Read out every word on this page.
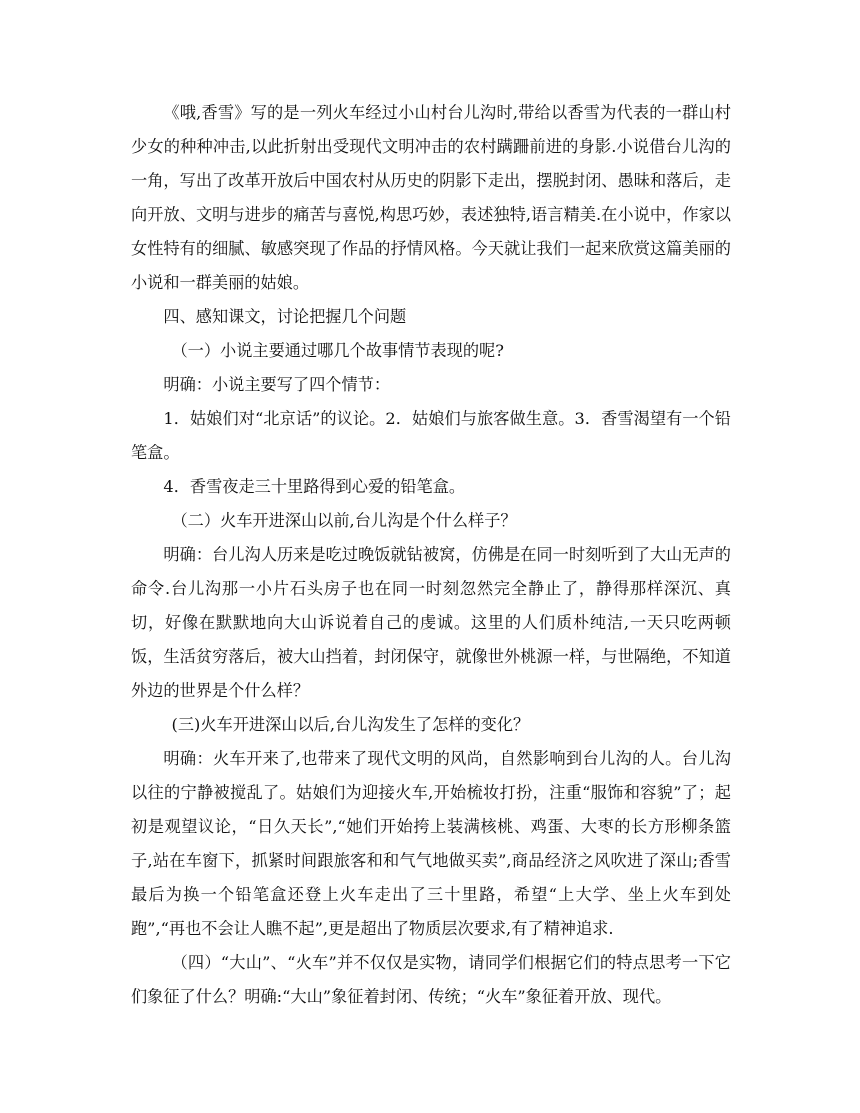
《哦,香雪》写的是一列火车经过小山村台儿沟时,带给以香雪为代表的一群山村少女的种种冲击,以此折射出受现代文明冲击的农村蹒跚前进的身影.小说借台儿沟的一角，写出了改革开放后中国农村从历史的阴影下走出，摆脱封闭、愚昧和落后，走向开放、文明与进步的痛苦与喜悦,构思巧妙，表述独特,语言精美.在小说中，作家以女性特有的细腻、敏感突现了作品的抒情风格。今天就让我们一起来欣赏这篇美丽的小说和一群美丽的姑娘。

四、感知课文，讨论把握几个问题

（一）小说主要通过哪几个故事情节表现的呢?

明确：小说主要写了四个情节：

1．姑娘们对“北京话”的议论。2．姑娘们与旅客做生意。3．香雪渴望有一个铅笔盒。

4．香雪夜走三十里路得到心爱的铅笔盒。

（二）火车开进深山以前,台儿沟是个什么样子？

明确：台儿沟人历来是吃过晚饭就钻被窝，仿佛是在同一时刻听到了大山无声的命令.台儿沟那一小片石头房子也在同一时刻忽然完全静止了，静得那样深沉、真切，好像在默默地向大山诉说着自己的虔诚。这里的人们质朴纯洁,一天只吃两顿饭，生活贫穷落后，被大山挡着，封闭保守，就像世外桃源一样，与世隔绝，不知道外边的世界是个什么样？

(三)火车开进深山以后,台儿沟发生了怎样的变化？

明确：火车开来了,也带来了现代文明的风尚，自然影响到台儿沟的人。台儿沟以往的宁静被搅乱了。姑娘们为迎接火车,开始梳妆打扮，注重“服饰和容貌”了；起初是观望议论，“日久天长”,“她们开始挎上装满核桃、鸡蛋、大枣的长方形柳条篮子,站在车窗下，抓紧时间跟旅客和和气气地做买卖”,商品经济之风吹进了深山;香雪最后为换一个铅笔盒还登上火车走出了三十里路，希望“上大学、坐上火车到处跑”,“再也不会让人瞧不起”,更是超出了物质层次要求,有了精神追求.

（四）“大山”、“火车”并不仅仅是实物，请同学们根据它们的特点思考一下它们象征了什么？明确:“大山”象征着封闭、传统；“火车”象征着开放、现代。
